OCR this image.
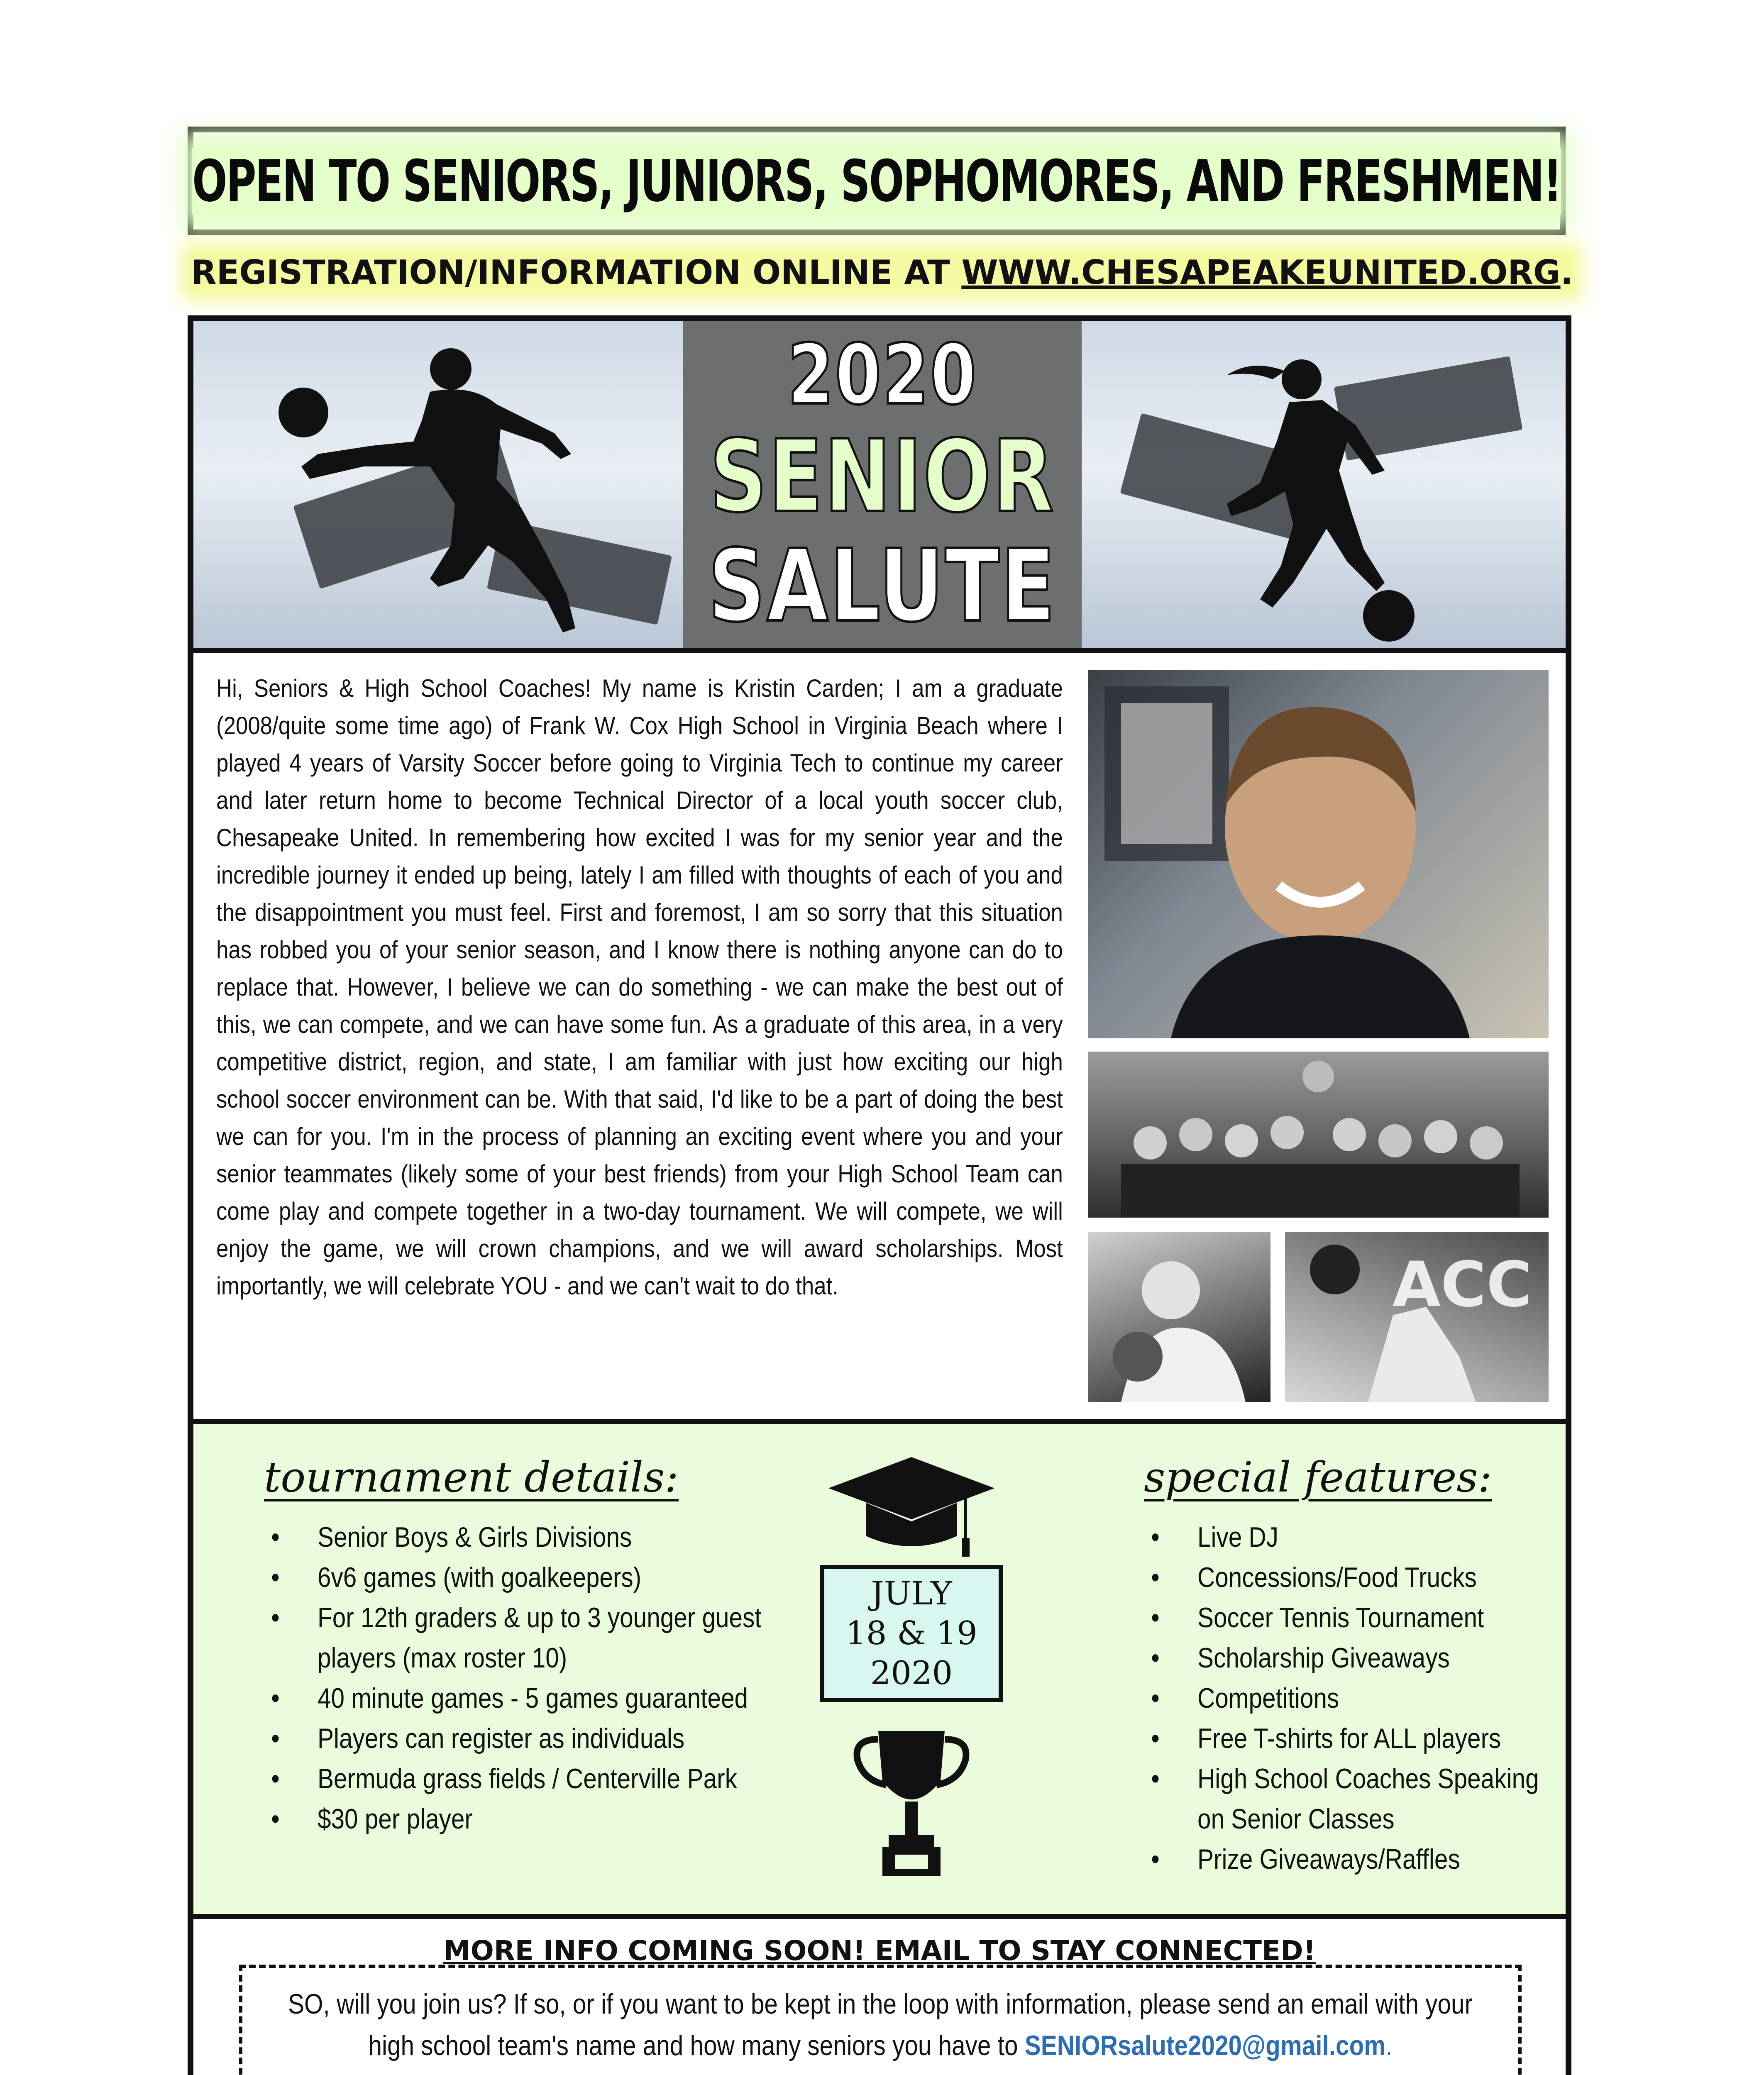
OPEN TO SENIORS, JUNIORS, SOPHOMORES, AND FRESHMEN!
REGISTRATION/INFORMATION ONLINE AT WWW.CHESAPEAKEUNITED.ORG.
2020
SENIOR
SALUTE
Hi, Seniors & High School Coaches! My name is Kristin Carden; I am a graduate (2008/quite some time ago) of Frank W. Cox High School in Virginia Beach where I played 4 years of Varsity Soccer before going to Virginia Tech to continue my career and later return home to become Technical Director of a local youth soccer club, Chesapeake United. In remembering how excited I was for my senior year and the incredible journey it ended up being, lately I am filled with thoughts of each of you and the disappointment you must feel. First and foremost, I am so sorry that this situation has robbed you of your senior season, and I know there is nothing anyone can do to replace that. However, I believe we can do something - we can make the best out of this, we can compete, and we can have some fun. As a graduate of this area, in a very competitive district, region, and state, I am familiar with just how exciting our high school soccer environment can be. With that said, I'd like to be a part of doing the best we can for you. I'm in the process of planning an exciting event where you and your senior teammates (likely some of your best friends) from your High School Team can come play and compete together in a two-day tournament. We will compete, we will enjoy the game, we will crown champions, and we will award scholarships. Most importantly, we will celebrate YOU - and we can't wait to do that.	ACC
tournament details:
• Senior Boys & Girls Divisions
• 6v6 games (with goalkeepers)
• For 12th graders & up to 3 younger guest players (max roster 10)
• 40 minute games - 5 games guaranteed
• Players can register as individuals
• Bermuda grass fields / Centerville Park
• $30 per player
JULY
18 & 19
2020
special features:
• Live DJ
• Concessions/Food Trucks
• Soccer Tennis Tournament
• Scholarship Giveaways
• Competitions
• Free T-shirts for ALL players
• High School Coaches Speaking on Senior Classes
• Prize Giveaways/Raffles
MORE INFO COMING SOON! EMAIL TO STAY CONNECTED!
SO, will you join us? If so, or if you want to be kept in the loop with information, please send an email with your high school team's name and how many seniors you have to SENIORsalute2020@gmail.com.
